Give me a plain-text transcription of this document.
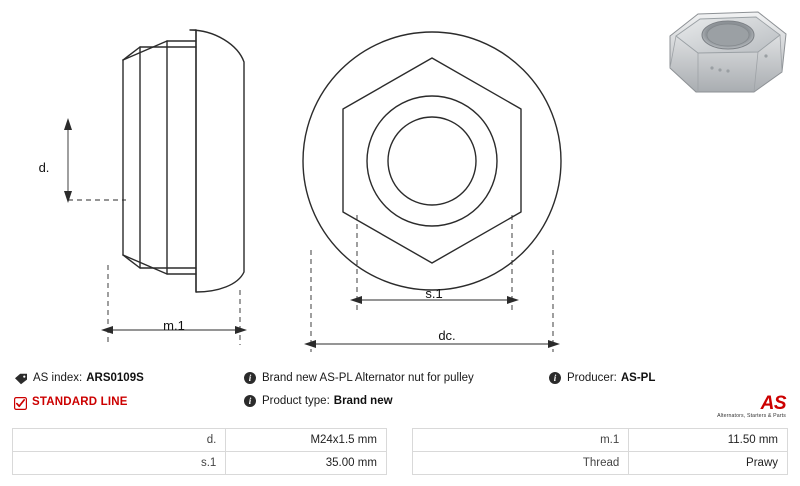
d.
m.1
s.1
dc.
AS index: ARS0109S
STANDARD LINE
i Brand new AS-PL Alternator nut for pulley
i Product type: Brand new
i Producer: AS-PL
AS
Alternators, Starters & Parts
d.	M24x1.5 mm		m.1	11.50 mm
s.1	35.00 mm		Thread	Prawy
